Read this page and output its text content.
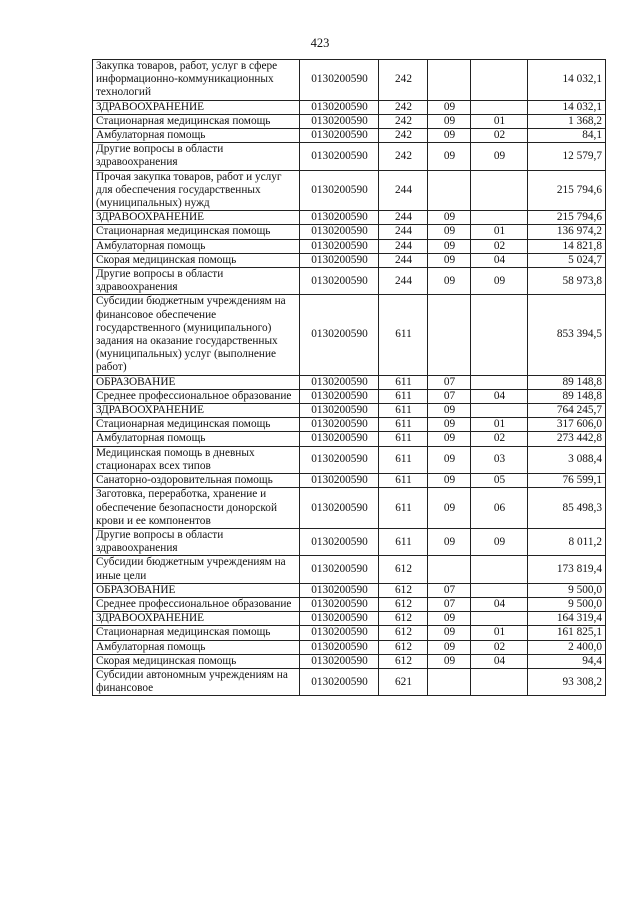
423
Закупка товаров, работ, услуг в сфере информационно-коммуникационных технологий	0130200590	242			14 032,1
ЗДРАВООХРАНЕНИЕ	0130200590	242	09		14 032,1
Стационарная медицинская помощь	0130200590	242	09	01	1 368,2
Амбулаторная помощь	0130200590	242	09	02	84,1
Другие вопросы в области здравоохранения	0130200590	242	09	09	12 579,7
Прочая закупка товаров, работ и услуг для обеспечения государственных (муниципальных) нужд	0130200590	244			215 794,6
ЗДРАВООХРАНЕНИЕ	0130200590	244	09		215 794,6
Стационарная медицинская помощь	0130200590	244	09	01	136 974,2
Амбулаторная помощь	0130200590	244	09	02	14 821,8
Скорая медицинская помощь	0130200590	244	09	04	5 024,7
Другие вопросы в области здравоохранения	0130200590	244	09	09	58 973,8
Субсидии бюджетным учреждениям на финансовое обеспечение государственного (муниципального) задания на оказание государственных (муниципальных) услуг (выполнение работ)	0130200590	611			853 394,5
ОБРАЗОВАНИЕ	0130200590	611	07		89 148,8
Среднее профессиональное образование	0130200590	611	07	04	89 148,8
ЗДРАВООХРАНЕНИЕ	0130200590	611	09		764 245,7
Стационарная медицинская помощь	0130200590	611	09	01	317 606,0
Амбулаторная помощь	0130200590	611	09	02	273 442,8
Медицинская помощь в дневных стационарах всех типов	0130200590	611	09	03	3 088,4
Санаторно-оздоровительная помощь	0130200590	611	09	05	76 599,1
Заготовка, переработка, хранение и обеспечение безопасности донорской крови и ее компонентов	0130200590	611	09	06	85 498,3
Другие вопросы в области здравоохранения	0130200590	611	09	09	8 011,2
Субсидии бюджетным учреждениям на иные цели	0130200590	612			173 819,4
ОБРАЗОВАНИЕ	0130200590	612	07		9 500,0
Среднее профессиональное образование	0130200590	612	07	04	9 500,0
ЗДРАВООХРАНЕНИЕ	0130200590	612	09		164 319,4
Стационарная медицинская помощь	0130200590	612	09	01	161 825,1
Амбулаторная помощь	0130200590	612	09	02	2 400,0
Скорая медицинская помощь	0130200590	612	09	04	94,4
Субсидии автономным учреждениям на финансовое	0130200590	621			93 308,2
